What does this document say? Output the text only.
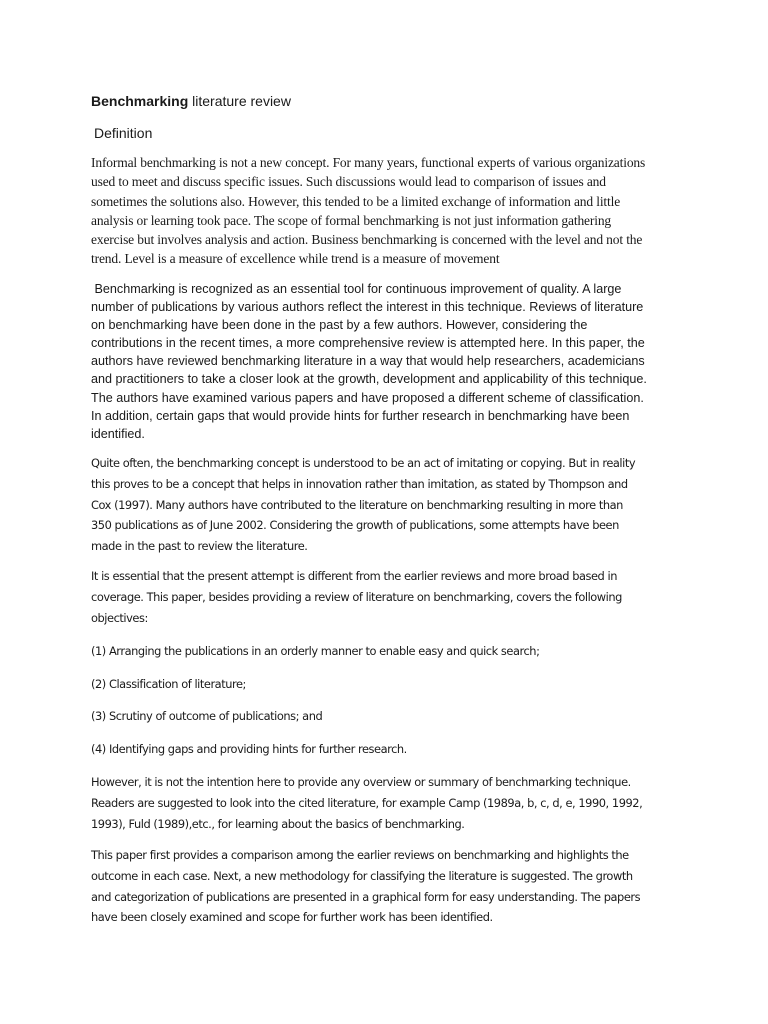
Benchmarking literature review
Definition

Informal benchmarking is not a new concept. For many years, functional experts of various organizations
used to meet and discuss specific issues. Such discussions would lead to comparison of issues and
sometimes the solutions also. However, this tended to be a limited exchange of information and little
analysis or learning took pace. The scope of formal benchmarking is not just information gathering
exercise but involves analysis and action. Business benchmarking is concerned with the level and not the
trend. Level is a measure of excellence while trend is a measure of movement

Benchmarking is recognized as an essential tool for continuous improvement of quality. A large
number of publications by various authors reflect the interest in this technique. Reviews of literature
on benchmarking have been done in the past by a few authors. However, considering the
contributions in the recent times, a more comprehensive review is attempted here. In this paper, the
authors have reviewed benchmarking literature in a way that would help researchers, academicians
and practitioners to take a closer look at the growth, development and applicability of this technique.
The authors have examined various papers and have proposed a different scheme of classification.
In addition, certain gaps that would provide hints for further research in benchmarking have been
identified.

Quite often, the benchmarking concept is understood to be an act of imitating or copying. But in reality
this proves to be a concept that helps in innovation rather than imitation, as stated by Thompson and
Cox (1997). Many authors have contributed to the literature on benchmarking resulting in more than
350 publications as of June 2002. Considering the growth of publications, some attempts have been
made in the past to review the literature.

It is essential that the present attempt is different from the earlier reviews and more broad based in
coverage. This paper, besides providing a review of literature on benchmarking, covers the following
objectives:

(1) Arranging the publications in an orderly manner to enable easy and quick search;

(2) Classification of literature;

(3) Scrutiny of outcome of publications; and

(4) Identifying gaps and providing hints for further research.

However, it is not the intention here to provide any overview or summary of benchmarking technique.
Readers are suggested to look into the cited literature, for example Camp (1989a, b, c, d, e, 1990, 1992,
1993), Fuld (1989),etc., for learning about the basics of benchmarking.

This paper first provides a comparison among the earlier reviews on benchmarking and highlights the
outcome in each case. Next, a new methodology for classifying the literature is suggested. The growth
and categorization of publications are presented in a graphical form for easy understanding. The papers
have been closely examined and scope for further work has been identified.
